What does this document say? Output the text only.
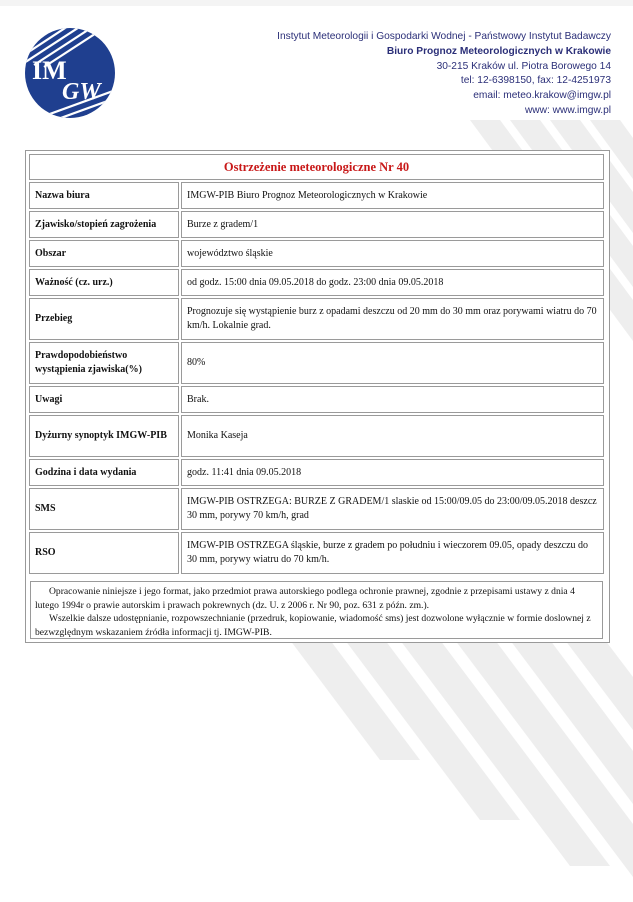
IM
GW
Instytut Meteorologii i Gospodarki Wodnej - Państwowy Instytut Badawczy
Biuro Prognoz Meteorologicznych w Krakowie
30-215 Kraków ul. Piotra Borowego 14
tel: 12-6398150, fax: 12-4251973
email: meteo.krakow@imgw.pl
www: www.imgw.pl
Ostrzeżenie meteorologiczne Nr 40	
Nazwa biura	IMGW-PIB Biuro Prognoz Meteorologicznych w Krakowie
Zjawisko/stopień zagrożenia	Burze z gradem/1
Obszar	województwo śląskie
Ważność (cz. urz.)	od godz. 15:00 dnia 09.05.2018 do godz. 23:00 dnia 09.05.2018
Przebieg	Prognozuje się wystąpienie burz z opadami deszczu od 20 mm do 30 mm oraz porywami wiatru do 70 km/h. Lokalnie grad.
Prawdopodobieństwo wystąpienia zjawiska(%)	80%
Uwagi	Brak.
Dyżurny synoptyk IMGW-PIB	Monika Kaseja
Godzina i data wydania	godz. 11:41 dnia 09.05.2018
SMS	IMGW-PIB OSTRZEGA: BURZE Z GRADEM/1 slaskie od 15:00/09.05 do 23:00/09.05.2018 deszcz 30 mm, porywy 70 km/h, grad
RSO	IMGW-PIB OSTRZEGA śląskie, burze z gradem po południu i wieczorem 09.05, opady deszczu do 30 mm, porywy wiatru do 70 km/h.

Opracowanie niniejsze i jego format, jako przedmiot prawa autorskiego podlega ochronie prawnej, zgodnie z przepisami ustawy z dnia 4 lutego 1994r o prawie autorskim i prawach pokrewnych (dz. U. z 2006 r. Nr 90, poz. 631 z późn. zm.).

Wszelkie dalsze udostępnianie, rozpowszechnianie (przedruk, kopiowanie, wiadomość sms) jest dozwolone wyłącznie w formie doslownej z bezwzględnym wskazaniem źródła informacji tj. IMGW-PIB.
